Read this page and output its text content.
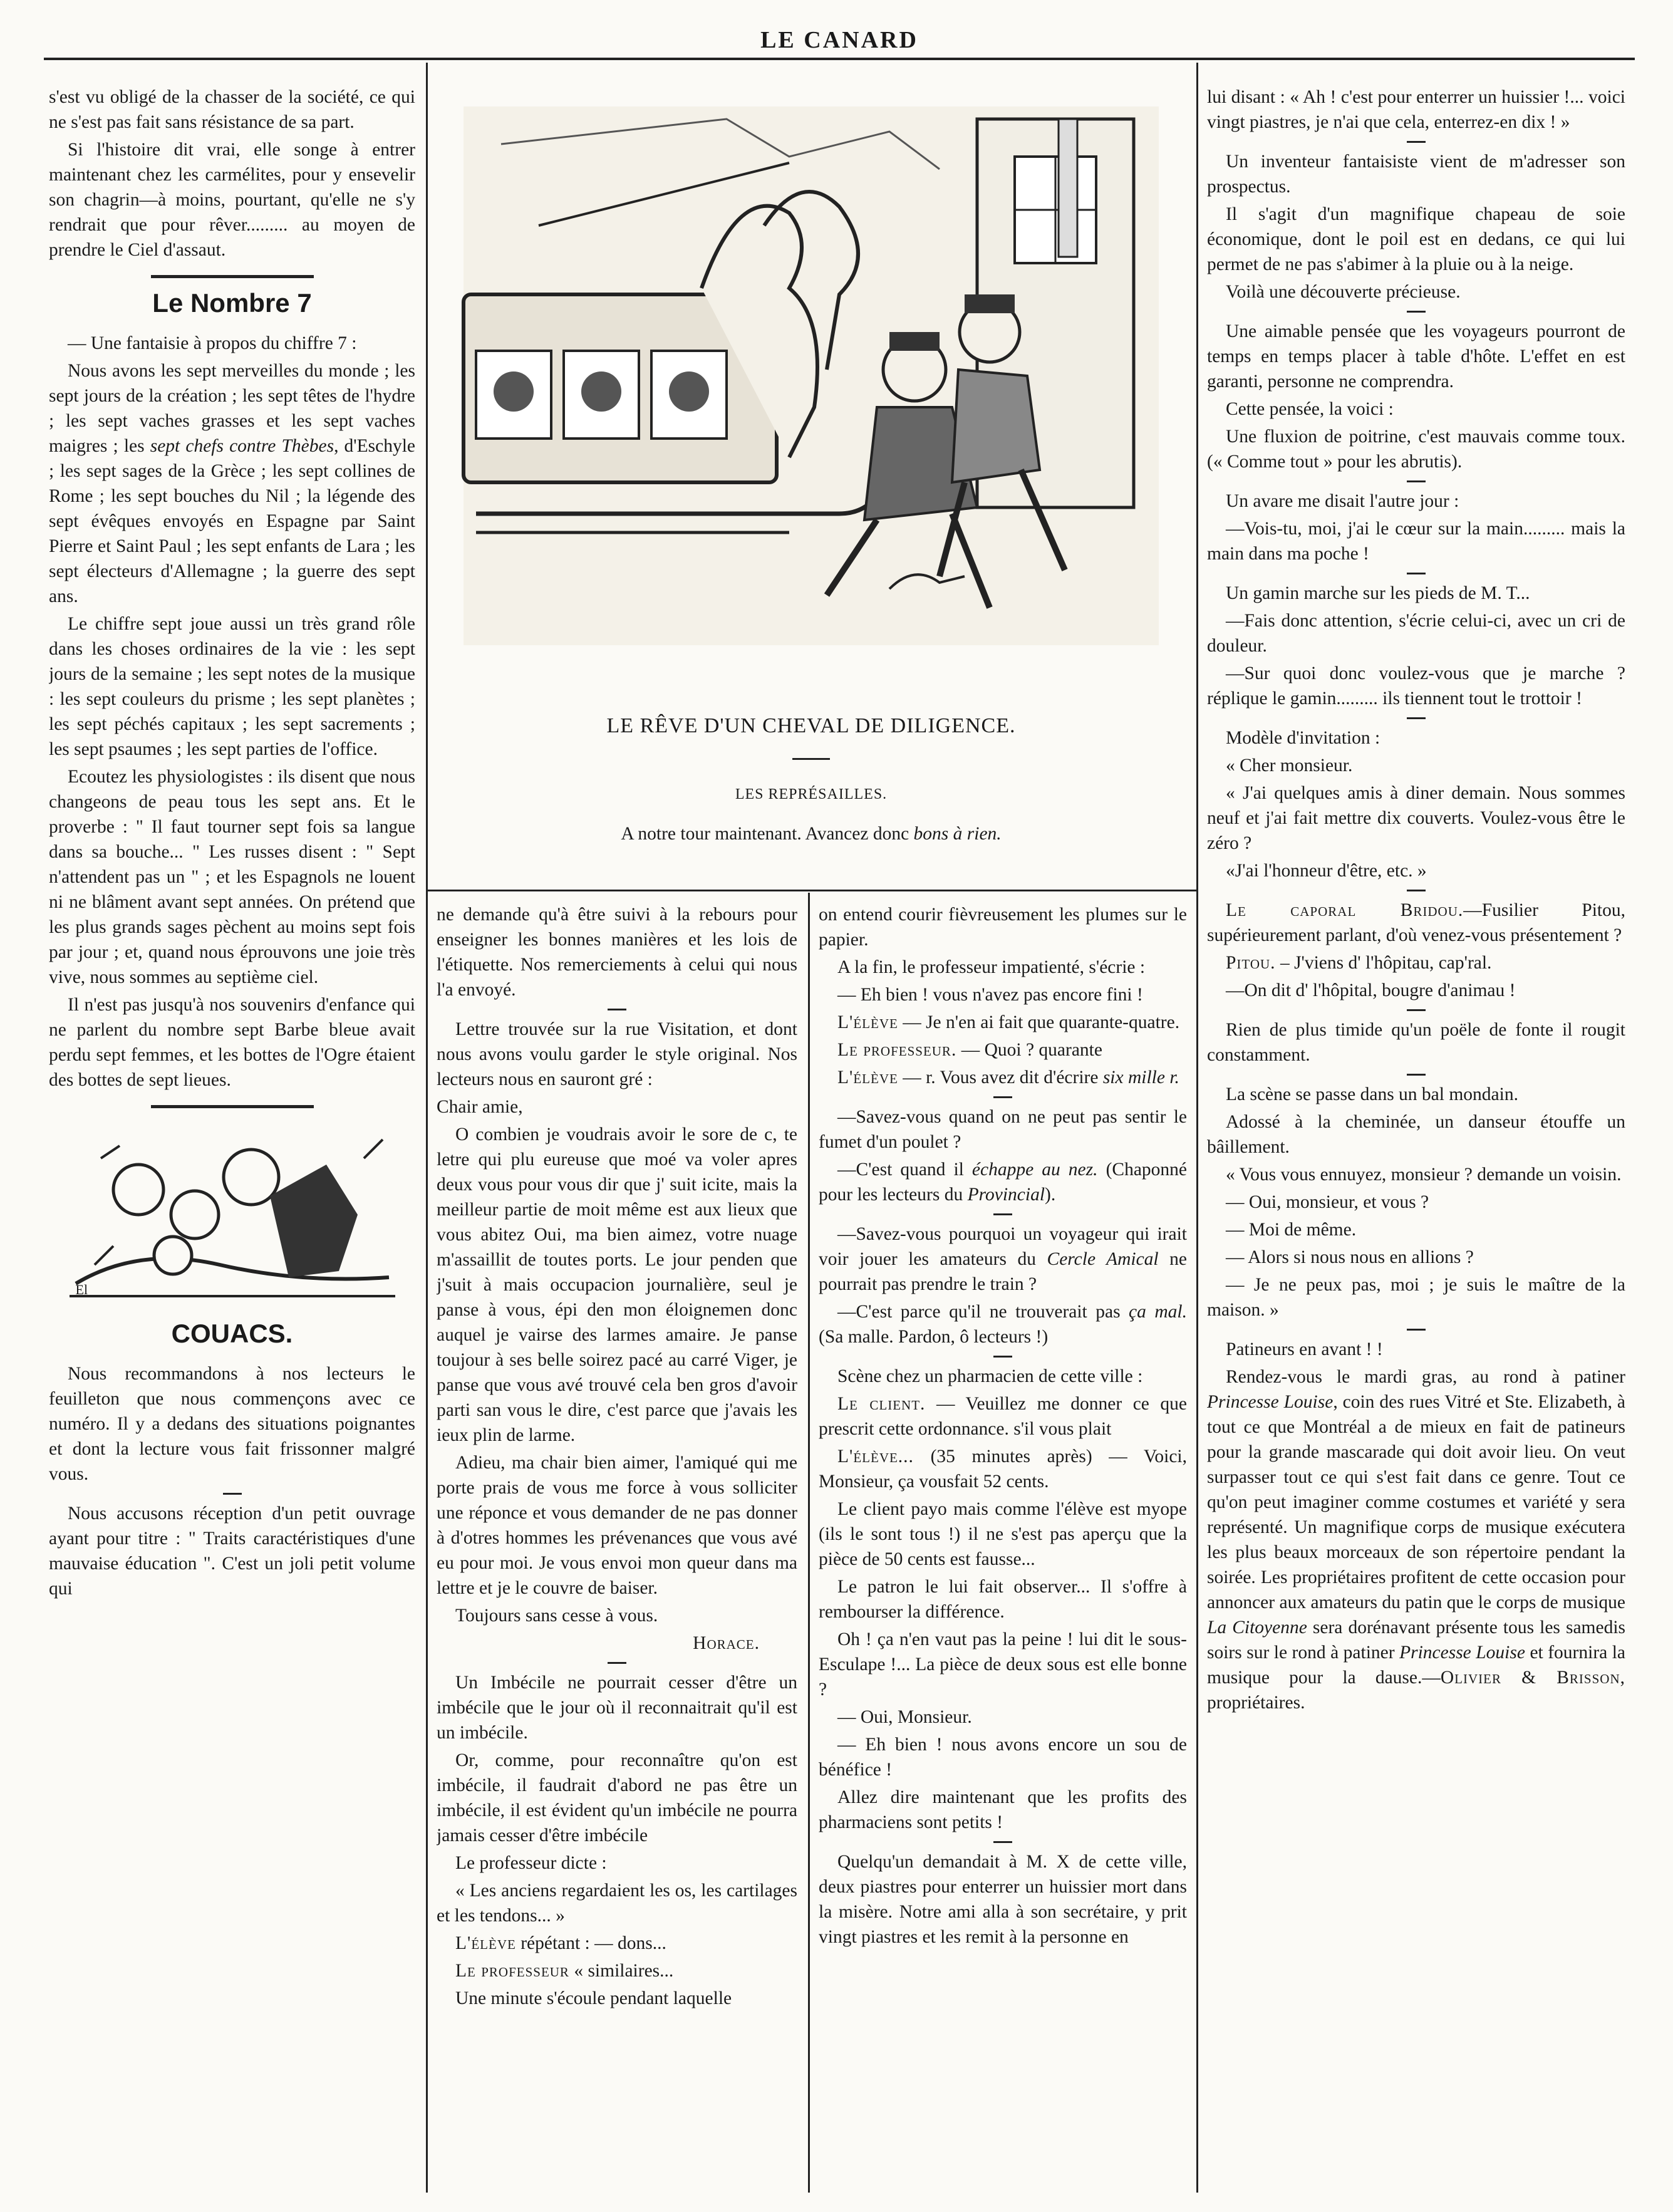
LE CANARD

s'est vu obligé de la chasser de la société, ce qui ne s'est pas fait sans résistance de sa part.

Si l'histoire dit vrai, elle songe à entrer maintenant chez les carmélites, pour y ensevelir son chagrin—à moins, pourtant, qu'elle ne s'y rendrait que pour rêver......... au moyen de prendre le Ciel d'assaut.

Le Nombre 7

— Une fantaisie à propos du chiffre 7 :

Nous avons les sept merveilles du monde ; les sept jours de la création ; les sept têtes de l'hydre ; les sept vaches grasses et les sept vaches maigres ; les sept chefs contre Thèbes, d'Eschyle ; les sept sages de la Grèce ; les sept collines de Rome ; les sept bouches du Nil ; la légende des sept évêques envoyés en Espagne par Saint Pierre et Saint Paul ; les sept enfants de Lara ; les sept électeurs d'Allemagne ; la guerre des sept ans.

Le chiffre sept joue aussi un très grand rôle dans les choses ordinaires de la vie : les sept jours de la semaine ; les sept notes de la musique : les sept couleurs du prisme ; les sept planètes ; les sept péchés capitaux ; les sept sacrements ; les sept psaumes ; les sept parties de l'office.

Ecoutez les physiologistes : ils disent que nous changeons de peau tous les sept ans. Et le proverbe : " Il faut tourner sept fois sa langue dans sa bouche... " Les russes disent : " Sept n'attendent pas un " ; et les Espagnols ne louent ni ne blâment avant sept années. On prétend que les plus grands sages pèchent au moins sept fois par jour ; et, quand nous éprouvons une joie très vive, nous sommes au septième ciel.

Il n'est pas jusqu'à nos souvenirs d'enfance qui ne parlent du nombre sept Barbe bleue avait perdu sept femmes, et les bottes de l'Ogre étaient des bottes de sept lieues.

El
COUACS.

Nous recommandons à nos lecteurs le feuilleton que nous commençons avec ce numéro. Il y a dedans des situations poignantes et dont la lecture vous fait frissonner malgré vous.

Nous accusons réception d'un petit ouvrage ayant pour titre : " Traits caractéristiques d'une mauvaise éducation ". C'est un joli petit volume qui

LE RÊVE D'UN CHEVAL DE DILIGENCE.
LES REPRÉSAILLES.
A notre tour maintenant. Avancez donc bons à rien.

ne demande qu'à être suivi à la rebours pour enseigner les bonnes manières et les lois de l'étiquette. Nos remerciements à celui qui nous l'a envoyé.

Lettre trouvée sur la rue Visitation, et dont nous avons voulu garder le style original. Nos lecteurs nous en sauront gré :

Chair amie,

O combien je voudrais avoir le sore de c, te letre qui plu eureuse que moé va voler apres deux vous pour vous dir que j' suit icite, mais la meilleur partie de moit même est aux lieux que vous abitez Oui, ma bien aimez, votre nuage m'assaillit de toutes ports. Le jour penden que j'suit à mais occupacion journalière, seul je panse à vous, épi den mon éloignemen donc auquel je vairse des larmes amaire. Je panse toujour à ses belle soirez pacé au carré Viger, je panse que vous avé trouvé cela ben gros d'avoir parti san vous le dire, c'est parce que j'avais les ieux plin de larme.

Adieu, ma chair bien aimer, l'amiqué qui me porte prais de vous me force à vous solliciter une réponce et vous demander de ne pas donner à d'otres hommes les prévenances que vous avé eu pour moi. Je vous envoi mon queur dans ma lettre et je le couvre de baiser.

Toujours sans cesse à vous.

Horace.

Un Imbécile ne pourrait cesser d'être un imbécile que le jour où il reconnaitrait qu'il est un imbécile.

Or, comme, pour reconnaître qu'on est imbécile, il faudrait d'abord ne pas être un imbécile, il est évident qu'un imbécile ne pourra jamais cesser d'être imbécile

Le professeur dicte :

« Les anciens regardaient les os, les cartilages et les tendons... »

L'élève répétant : — dons...

Le professeur « similaires...

Une minute s'écoule pendant laquelle

on entend courir fièvreusement les plumes sur le papier.

A la fin, le professeur impatienté, s'écrie :

— Eh bien ! vous n'avez pas encore fini !

L'élève — Je n'en ai fait que quarante-quatre.

Le professeur. — Quoi ? quarante

L'élève — r. Vous avez dit d'écrire six mille r.

—Savez-vous quand on ne peut pas sentir le fumet d'un poulet ?

—C'est quand il échappe au nez. (Chaponné pour les lecteurs du Provincial).

—Savez-vous pourquoi un voyageur qui irait voir jouer les amateurs du Cercle Amical ne pourrait pas prendre le train ?

—C'est parce qu'il ne trouverait pas ça mal. (Sa malle. Pardon, ô lecteurs !)

Scène chez un pharmacien de cette ville :

Le client. — Veuillez me donner ce que prescrit cette ordonnance. s'il vous plait

L'élève... (35 minutes après) — Voici, Monsieur, ça vousfait 52 cents.

Le client payo mais comme l'élève est myope (ils le sont tous !) il ne s'est pas aperçu que la pièce de 50 cents est fausse...

Le patron le lui fait observer... Il s'offre à rembourser la différence.

Oh ! ça n'en vaut pas la peine ! lui dit le sous-Esculape !... La pièce de deux sous est elle bonne ?

— Oui, Monsieur.

— Eh bien ! nous avons encore un sou de bénéfice !

Allez dire maintenant que les profits des pharmaciens sont petits !

Quelqu'un demandait à M. X de cette ville, deux piastres pour enterrer un huissier mort dans la misère. Notre ami alla à son secrétaire, y prit vingt piastres et les remit à la personne en

lui disant : « Ah ! c'est pour enterrer un huissier !... voici vingt piastres, je n'ai que cela, enterrez-en dix ! »

Un inventeur fantaisiste vient de m'adresser son prospectus.

Il s'agit d'un magnifique chapeau de soie économique, dont le poil est en dedans, ce qui lui permet de ne pas s'abimer à la pluie ou à la neige.

Voilà une découverte précieuse.

Une aimable pensée que les voyageurs pourront de temps en temps placer à table d'hôte. L'effet en est garanti, personne ne comprendra.

Cette pensée, la voici :

Une fluxion de poitrine, c'est mauvais comme toux. (« Comme tout » pour les abrutis).

Un avare me disait l'autre jour :

—Vois-tu, moi, j'ai le cœur sur la main......... mais la main dans ma poche !

Un gamin marche sur les pieds de M. T...

—Fais donc attention, s'écrie celui-ci, avec un cri de douleur.

—Sur quoi donc voulez-vous que je marche ? réplique le gamin......... ils tiennent tout le trottoir !

Modèle d'invitation :

« Cher monsieur.

« J'ai quelques amis à diner demain. Nous sommes neuf et j'ai fait mettre dix couverts. Voulez-vous être le zéro ?

«J'ai l'honneur d'être, etc. »

Le caporal Bridou.—Fusilier Pitou, supérieurement parlant, d'où venez-vous présentement ?

Pitou. – J'viens d' l'hôpitau, cap'ral.

—On dit d' l'hôpital, bougre d'animau !

Rien de plus timide qu'un poële de fonte il rougit constamment.

La scène se passe dans un bal mondain.

Adossé à la cheminée, un danseur étouffe un bâillement.

« Vous vous ennuyez, monsieur ? demande un voisin.

— Oui, monsieur, et vous ?

— Moi de même.

— Alors si nous nous en allions ?

— Je ne peux pas, moi ; je suis le maître de la maison. »

Patineurs en avant ! !

Rendez-vous le mardi gras, au rond à patiner Princesse Louise, coin des rues Vitré et Ste. Elizabeth, à tout ce que Montréal a de mieux en fait de patineurs pour la grande mascarade qui doit avoir lieu. On veut surpasser tout ce qui s'est fait dans ce genre. Tout ce qu'on peut imaginer comme costumes et variété y sera représenté. Un magnifique corps de musique exécutera les plus beaux morceaux de son répertoire pendant la soirée. Les propriétaires profitent de cette occasion pour annoncer aux amateurs du patin que le corps de musique La Citoyenne sera dorénavant présente tous les samedis soirs sur le rond à patiner Princesse Louise et fournira la musique pour la dause.—Olivier & Brisson, propriétaires.
